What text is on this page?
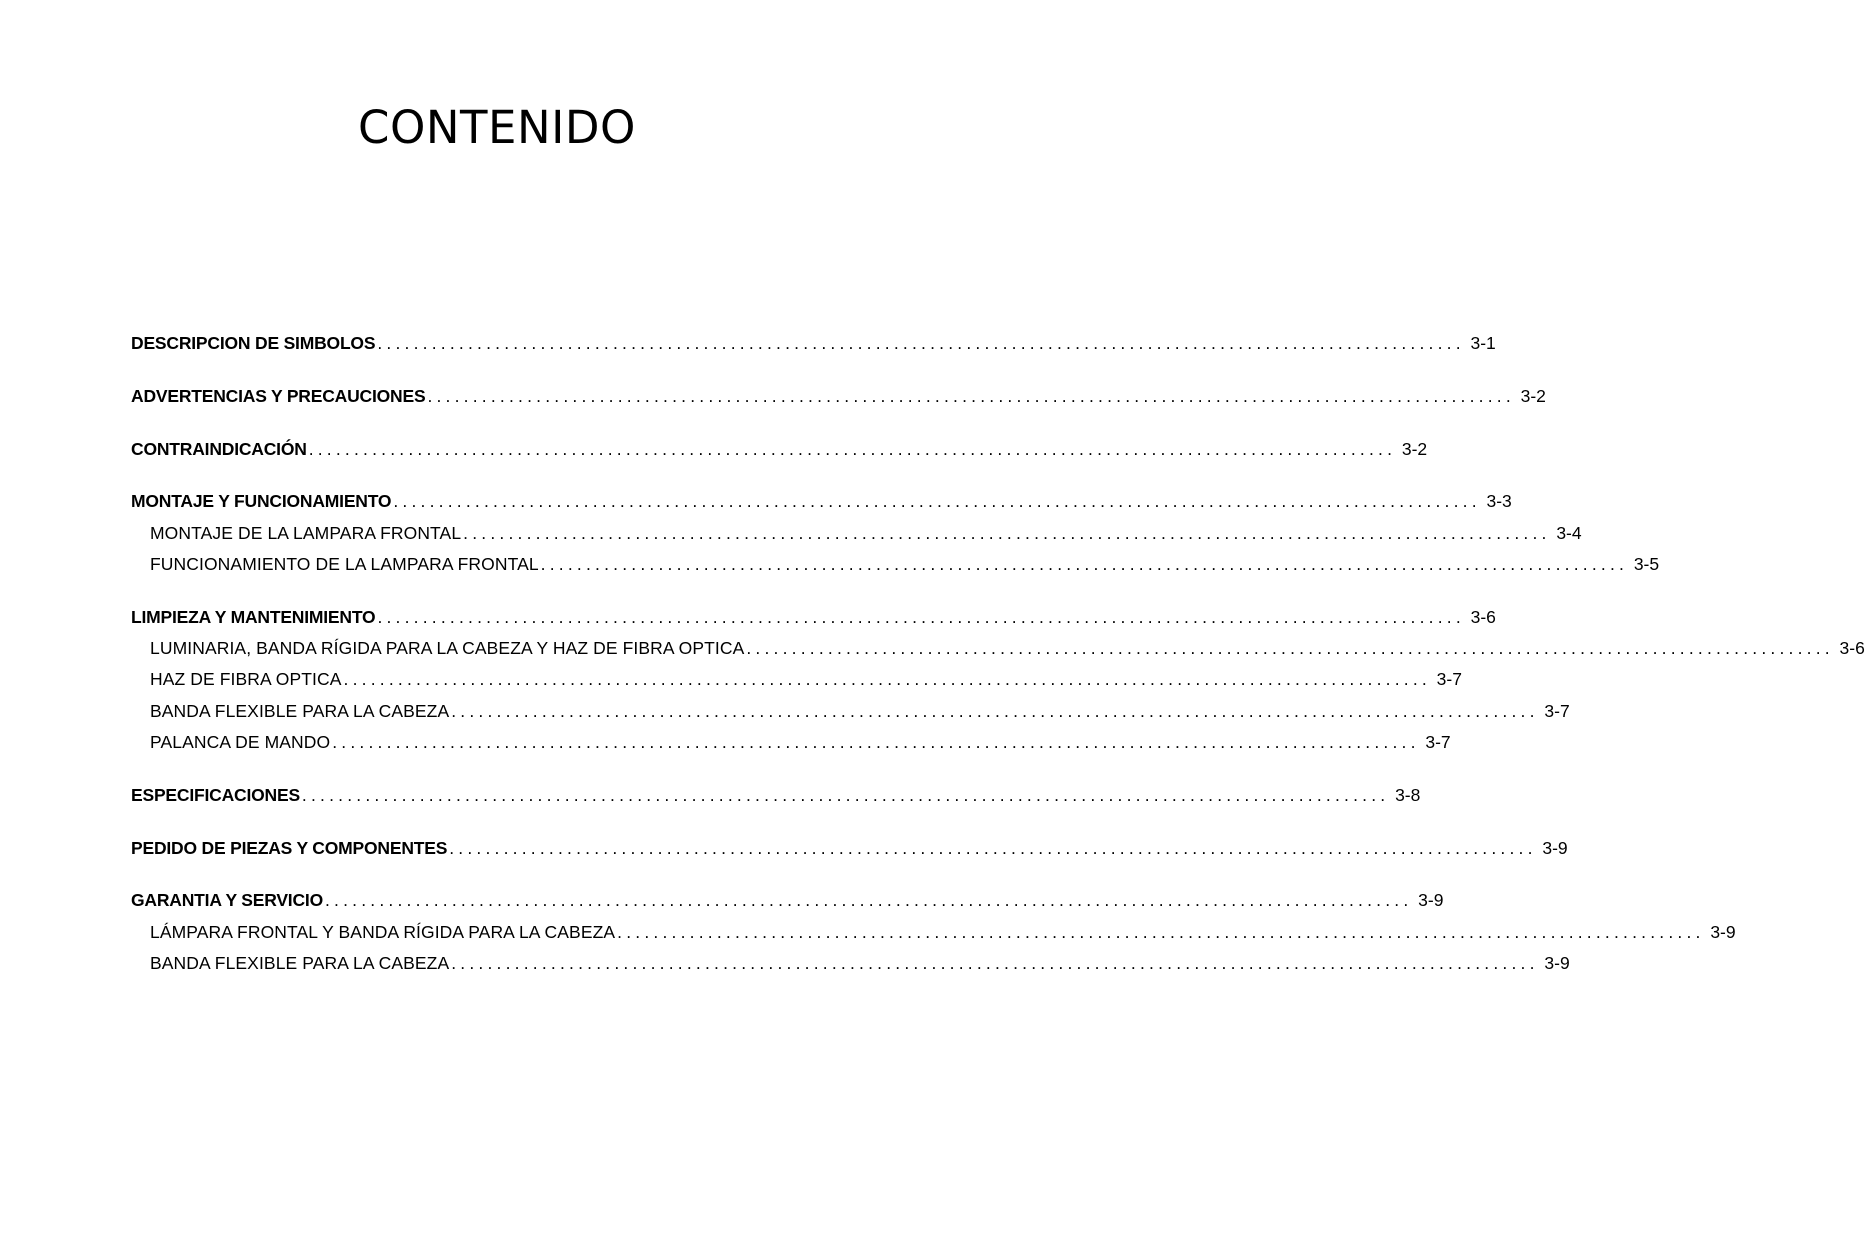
CONTENIDO
DESCRIPCION DE SIMBOLOS ........................................................................................................................ 3-1
ADVERTENCIAS Y PRECAUCIONES ........................................................................................................................ 3-2
CONTRAINDICACIÓN ........................................................................................................................ 3-2
MONTAJE Y FUNCIONAMIENTO ........................................................................................................................ 3-3
MONTAJE DE LA LAMPARA FRONTAL ........................................................................................................................ 3-4
FUNCIONAMIENTO DE LA LAMPARA FRONTAL ........................................................................................................................ 3-5
LIMPIEZA Y MANTENIMIENTO ........................................................................................................................ 3-6
LUMINARIA, BANDA RÍGIDA PARA LA CABEZA Y HAZ DE FIBRA OPTICA ........................................................................................................................ 3-6
HAZ DE FIBRA OPTICA ........................................................................................................................ 3-7
BANDA FLEXIBLE PARA LA CABEZA ........................................................................................................................ 3-7
PALANCA DE MANDO ........................................................................................................................ 3-7
ESPECIFICACIONES ........................................................................................................................ 3-8
PEDIDO DE PIEZAS Y COMPONENTES ........................................................................................................................ 3-9
GARANTIA Y SERVICIO ........................................................................................................................ 3-9
LÁMPARA FRONTAL Y BANDA RÍGIDA PARA LA CABEZA ........................................................................................................................ 3-9
BANDA FLEXIBLE PARA LA CABEZA ........................................................................................................................ 3-9
